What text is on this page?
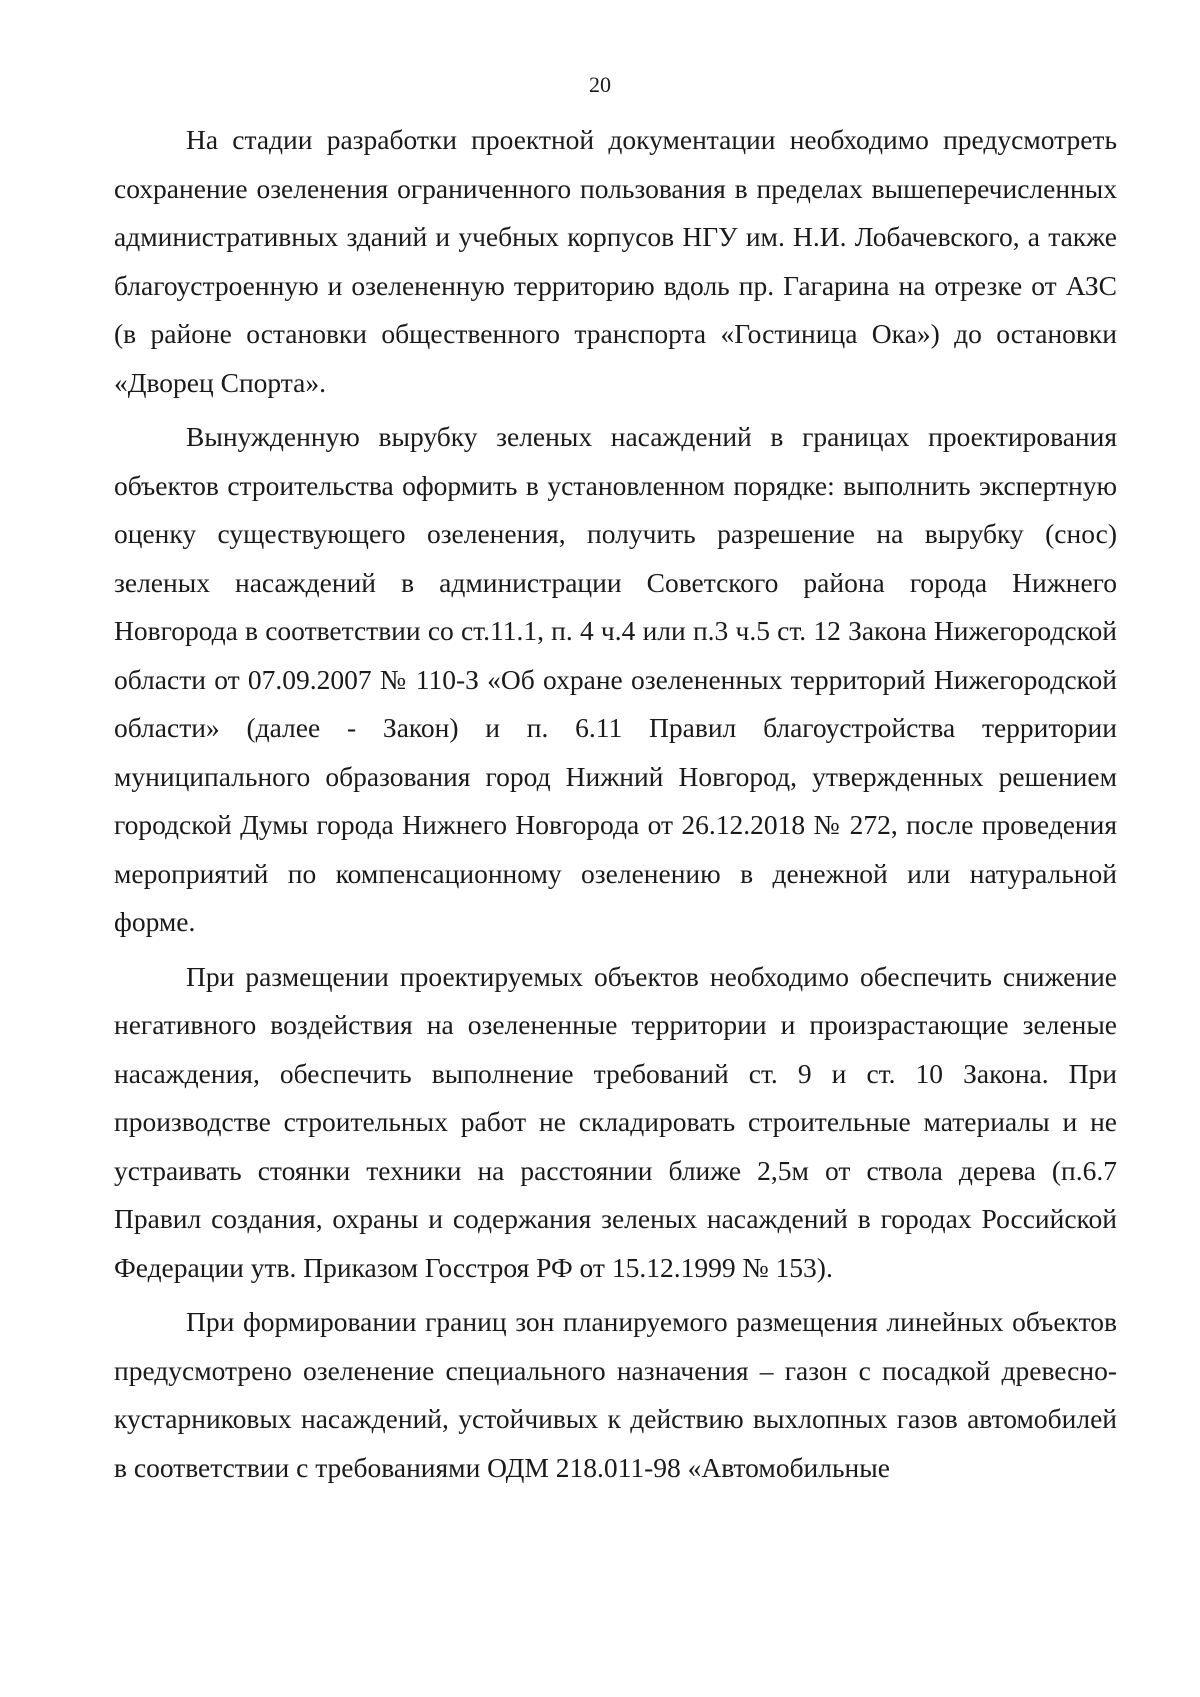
20

На стадии разработки проектной документации необходимо предусмотреть сохранение озеленения ограниченного пользования в пределах вышеперечисленных административных зданий и учебных корпусов НГУ им. Н.И. Лобачевского, а также благоустроенную и озелененную территорию вдоль пр. Гагарина на отрезке от АЗС (в районе остановки общественного транспорта «Гостиница Ока») до остановки «Дворец Спорта».

Вынужденную вырубку зеленых насаждений в границах проектирования объектов строительства оформить в установленном порядке: выполнить экспертную оценку существующего озеленения, получить разрешение на вырубку (снос) зеленых насаждений в администрации Советского района города Нижнего Новгорода в соответствии со ст.11.1, п. 4 ч.4 или п.3 ч.5 ст. 12 Закона Нижегородской области от 07.09.2007 № 110-З «Об охране озелененных территорий Нижегородской области» (далее - Закон) и п. 6.11 Правил благоустройства территории муниципального образования город Нижний Новгород, утвержденных решением городской Думы города Нижнего Новгорода от 26.12.2018 № 272, после проведения мероприятий по компенсационному озеленению в денежной или натуральной форме.

При размещении проектируемых объектов необходимо обеспечить снижение негативного воздействия на озелененные территории и произрастающие зеленые насаждения, обеспечить выполнение требований ст. 9 и ст. 10 Закона. При производстве строительных работ не складировать строительные материалы и не устраивать стоянки техники на расстоянии ближе 2,5м от ствола дерева (п.6.7 Правил создания, охраны и содержания зеленых насаждений в городах Российской Федерации утв. Приказом Госстроя РФ от 15.12.1999 № 153).

При формировании границ зон планируемого размещения линейных объектов предусмотрено озеленение специального назначения – газон с посадкой древесно-кустарниковых насаждений, устойчивых к действию выхлопных газов автомобилей в соответствии с требованиями ОДМ 218.011-98 «Автомобильные
